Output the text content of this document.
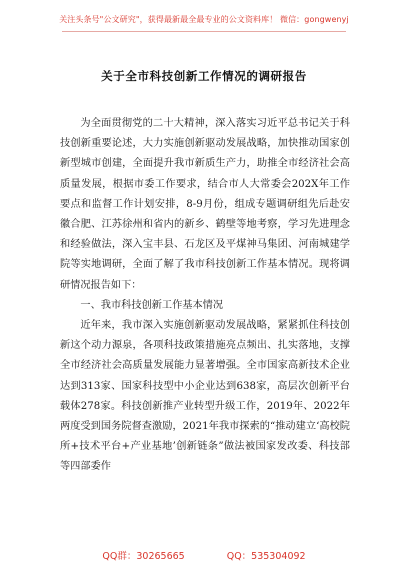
关注头条号"公文研究"，获得最新最全最专业的公文资料库！ 微信：gongwenyj
关于全市科技创新工作情况的调研报告

为全面贯彻党的二十大精神，深入落实习近平总书记关于科技创新重要论述，大力实施创新驱动发展战略，加快推动国家创新型城市创建，全面提升我市新质生产力，助推全市经济社会高质量发展，根据市委工作要求，结合市人大常委会202X年工作要点和监督工作计划安排，8-9月份，组成专题调研组先后赴安徽合肥、江苏徐州和省内的新乡、鹤壁等地考察，学习先进理念和经验做法，深入宝丰县、石龙区及平煤神马集团、河南城建学院等实地调研，全面了解了我市科技创新工作基本情况。现将调研情况报告如下：

一、我市科技创新工作基本情况

近年来，我市深入实施创新驱动发展战略，紧紧抓住科技创新这个动力源泉，各项科技政策措施亮点频出、扎实落地，支撑全市经济社会高质量发展能力显著增强。全市国家高新技术企业达到313家、国家科技型中小企业达到638家，高层次创新平台载体278家。科技创新推产业转型升级工作，2019年、2022年两度受到国务院督查激励，2021年我市探索的“推动建立‘高校院所+技术平台+产业基地’创新链条”做法被国家发改委、科技部等四部委作

QQ群：30265665	QQ：535304092
